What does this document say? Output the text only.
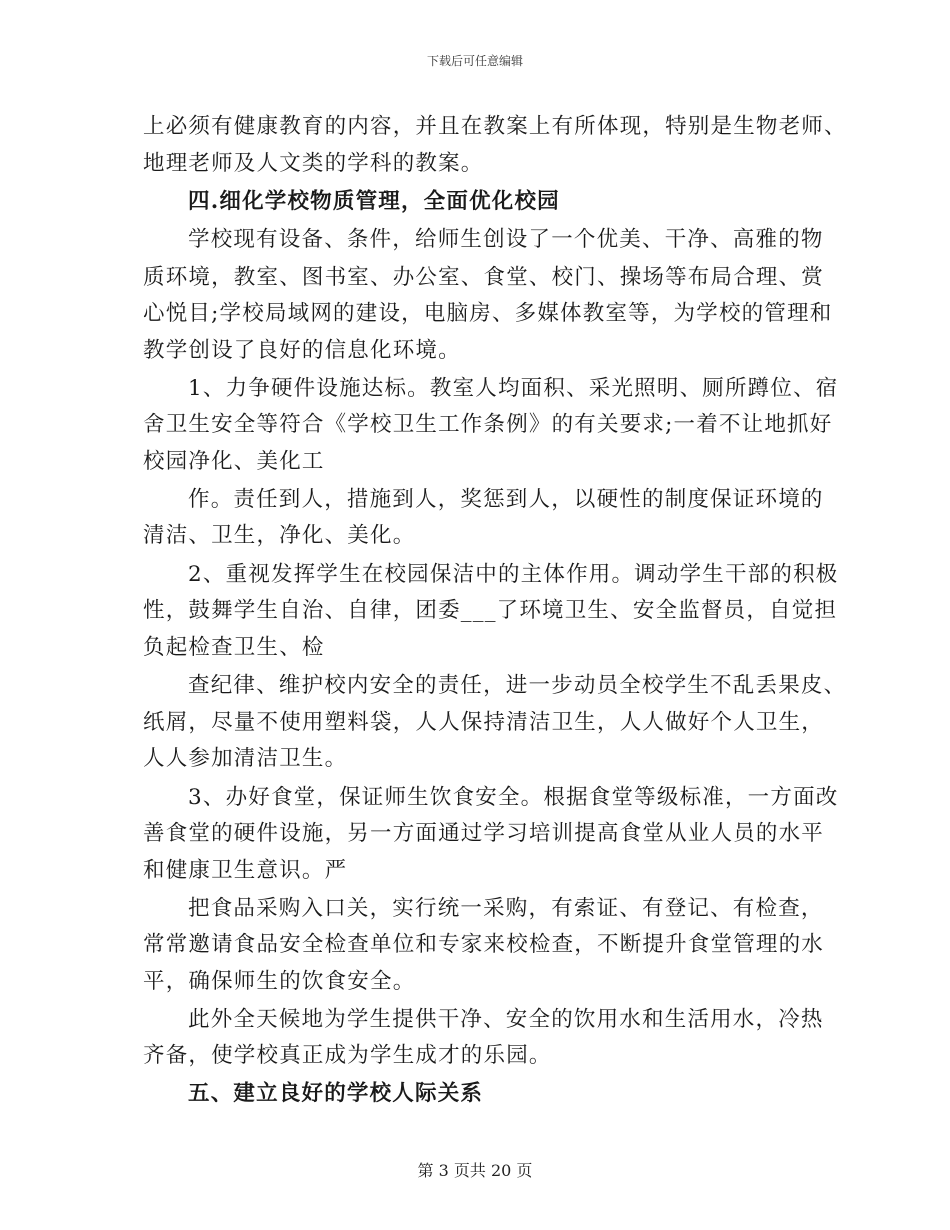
下载后可任意编辑
上必须有健康教育的内容，并且在教案上有所体现，特别是生物老师、
地理老师及人文类的学科的教案。
四.细化学校物质管理，全面优化校园
学校现有设备、条件，给师生创设了一个优美、干净、高雅的物
质环境，教室、图书室、办公室、食堂、校门、操场等布局合理、赏
心悦目;学校局域网的建设，电脑房、多媒体教室等，为学校的管理和
教学创设了良好的信息化环境。
1、力争硬件设施达标。教室人均面积、采光照明、厕所蹲位、宿
舍卫生安全等符合《学校卫生工作条例》的有关要求;一着不让地抓好
校园净化、美化工
作。责任到人，措施到人，奖惩到人，以硬性的制度保证环境的
清洁、卫生，净化、美化。
2、重视发挥学生在校园保洁中的主体作用。调动学生干部的积极
性，鼓舞学生自治、自律，团委___了环境卫生、安全监督员，自觉担
负起检查卫生、检
查纪律、维护校内安全的责任，进一步动员全校学生不乱丢果皮、
纸屑，尽量不使用塑料袋，人人保持清洁卫生，人人做好个人卫生，
人人参加清洁卫生。
3、办好食堂，保证师生饮食安全。根据食堂等级标准，一方面改
善食堂的硬件设施，另一方面通过学习培训提高食堂从业人员的水平
和健康卫生意识。严
把食品采购入口关，实行统一采购，有索证、有登记、有检查，
常常邀请食品安全检查单位和专家来校检查，不断提升食堂管理的水
平，确保师生的饮食安全。
此外全天候地为学生提供干净、安全的饮用水和生活用水，冷热
齐备，使学校真正成为学生成才的乐园。
五、建立良好的学校人际关系
第 3 页共 20 页
